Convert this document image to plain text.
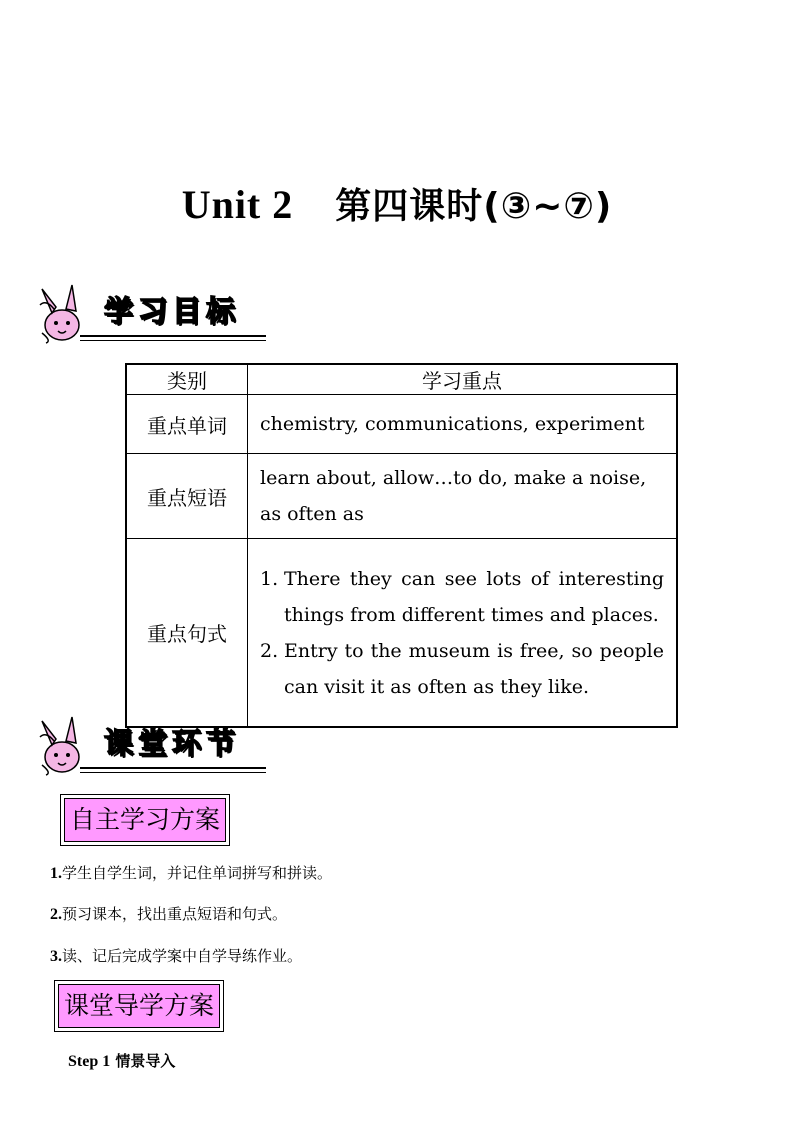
Unit 2 第四课时(③~⑦)
学习目标
类别	学习重点
重点单词	chemistry, communications, experiment
重点短语	learn about, allow…to do, make a noise, as often as
重点句式	1. There they can see lots of interesting things from different times and places.
2. Entry to the museum is free, so people can visit it as often as they like.
课堂环节
自主学习方案
1.学生自学生词，并记住单词拼写和拼读。
2.预习课本，找出重点短语和句式。
3.读、记后完成学案中自学导练作业。
课堂导学方案
Step 1 情景导入
